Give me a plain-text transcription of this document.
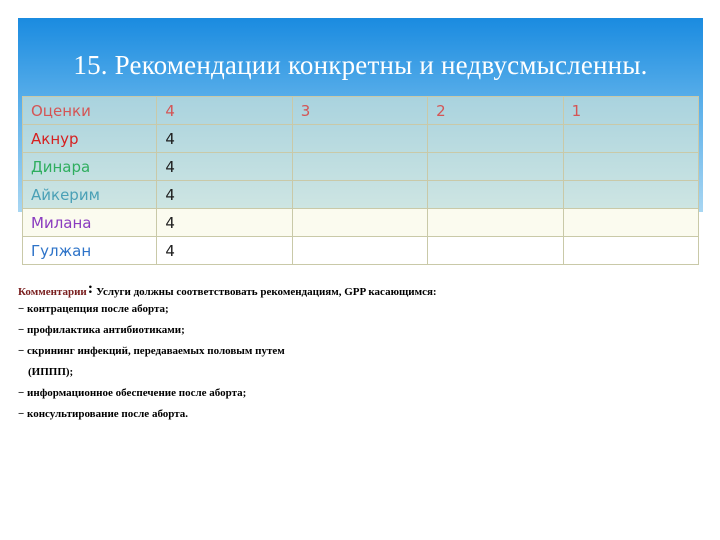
15. Рекомендации конкретны и недвусмысленны.
Оценки	4	3	2	1
Акнур	4			
Динара	4			
Айкерим	4			
Милана	4			
Гулжан	4			
Комментарии: Услуги должны соответствовать рекомендациям, GPP касающимся:
− контрацепция после аборта;
− профилактика антибиотиками;
− скрининг инфекций, передаваемых половым путем
(ИППП);
− информационное обеспечение после аборта;
− консультирование после аборта.
